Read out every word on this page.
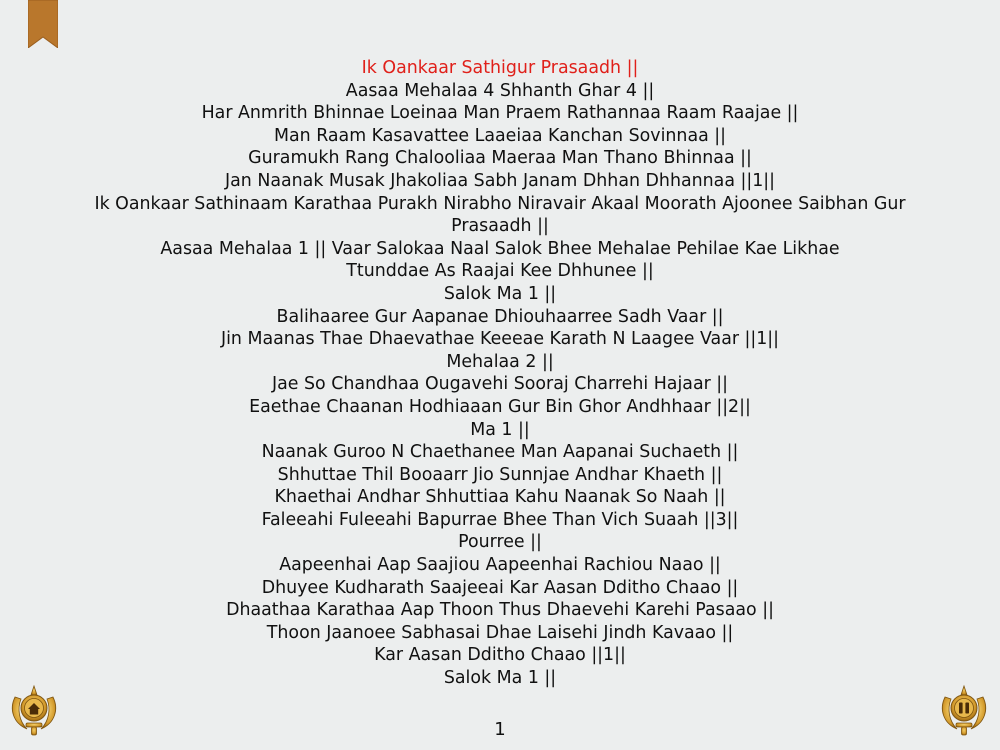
Ik Oankaar Sathigur Prasaadh ||
Aasaa Mehalaa 4 Shhanth Ghar 4 ||
Har Anmrith Bhinnae Loeinaa Man Praem Rathannaa Raam Raajae ||
Man Raam Kasavattee Laaeiaa Kanchan Sovinnaa ||
Guramukh Rang Chalooliaa Maeraa Man Thano Bhinnaa ||
Jan Naanak Musak Jhakoliaa Sabh Janam Dhhan Dhhannaa ||1||
Ik Oankaar Sathinaam Karathaa Purakh Nirabho Niravair Akaal Moorath Ajoonee Saibhan Gur
Prasaadh ||
Aasaa Mehalaa 1 || Vaar Salokaa Naal Salok Bhee Mehalae Pehilae Kae Likhae
Ttunddae As Raajai Kee Dhhunee ||
Salok Ma 1 ||
Balihaaree Gur Aapanae Dhiouhaarree Sadh Vaar ||
Jin Maanas Thae Dhaevathae Keeeae Karath N Laagee Vaar ||1||
Mehalaa 2 ||
Jae So Chandhaa Ougavehi Sooraj Charrehi Hajaar ||
Eaethae Chaanan Hodhiaaan Gur Bin Ghor Andhhaar ||2||
Ma 1 ||
Naanak Guroo N Chaethanee Man Aapanai Suchaeth ||
Shhuttae Thil Booaarr Jio Sunnjae Andhar Khaeth ||
Khaethai Andhar Shhuttiaa Kahu Naanak So Naah ||
Faleeahi Fuleeahi Bapurrae Bhee Than Vich Suaah ||3||
Pourree ||
Aapeenhai Aap Saajiou Aapeenhai Rachiou Naao ||
Dhuyee Kudharath Saajeeai Kar Aasan Dditho Chaao ||
Dhaathaa Karathaa Aap Thoon Thus Dhaevehi Karehi Pasaao ||
Thoon Jaanoee Sabhasai Dhae Laisehi Jindh Kavaao ||
Kar Aasan Dditho Chaao ||1||
Salok Ma 1 ||
1
